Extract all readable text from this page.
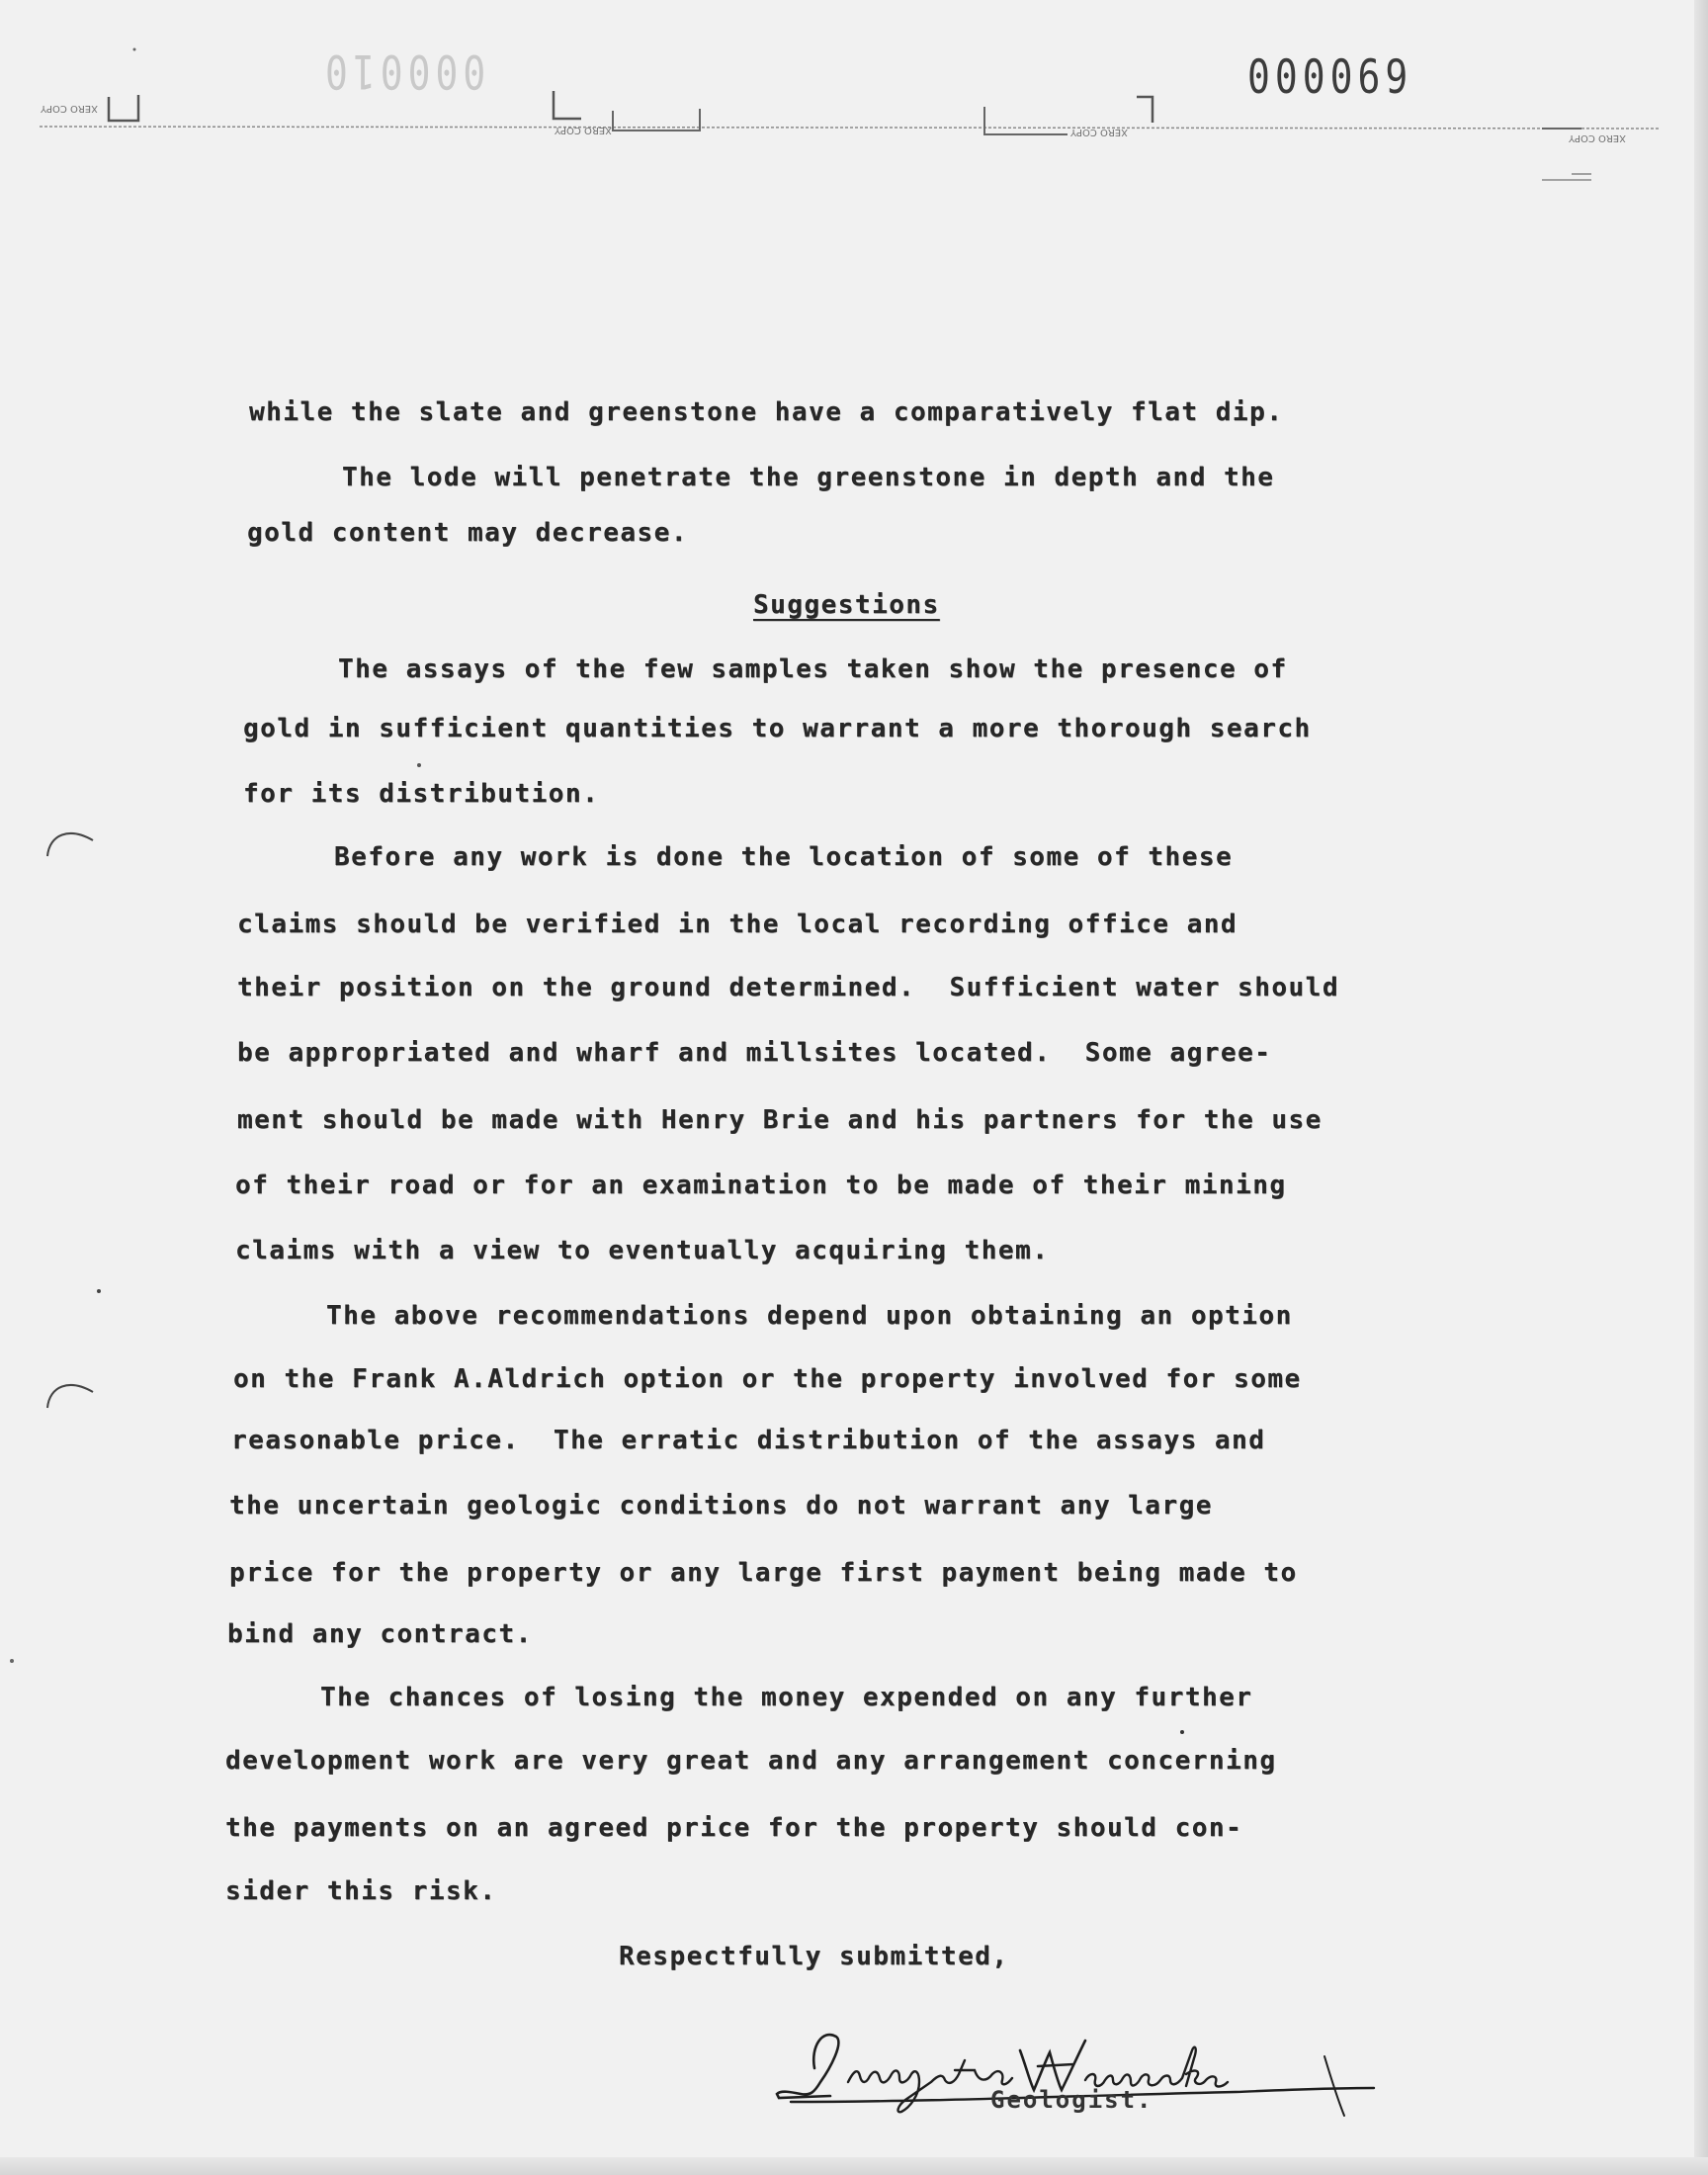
000010	000069
XERO COPY
XERO COPY	XERO COPY
XERO COPY
while the slate and greenstone have a comparatively flat dip.
The lode will penetrate the greenstone in depth and the
gold content may decrease.
Suggestions
The assays of the few samples taken show the presence of
gold in sufficient quantities to warrant a more thorough search
for its distribution.
Before any work is done the location of some of these
claims should be verified in the local recording office and
their position on the ground determined.  Sufficient water should
be appropriated and wharf and millsites located.  Some agree-
ment should be made with Henry Brie and his partners for the use
of their road or for an examination to be made of their mining
claims with a view to eventually acquiring them.
The above recommendations depend upon obtaining an option
on the Frank A.Aldrich option or the property involved for some
reasonable price.  The erratic distribution of the assays and
the uncertain geologic conditions do not warrant any large
price for the property or any large first payment being made to
bind any contract.
The chances of losing the money expended on any further
development work are very great and any arrangement concerning
the payments on an agreed price for the property should con-
sider this risk.
Respectfully submitted,
Geologist.
